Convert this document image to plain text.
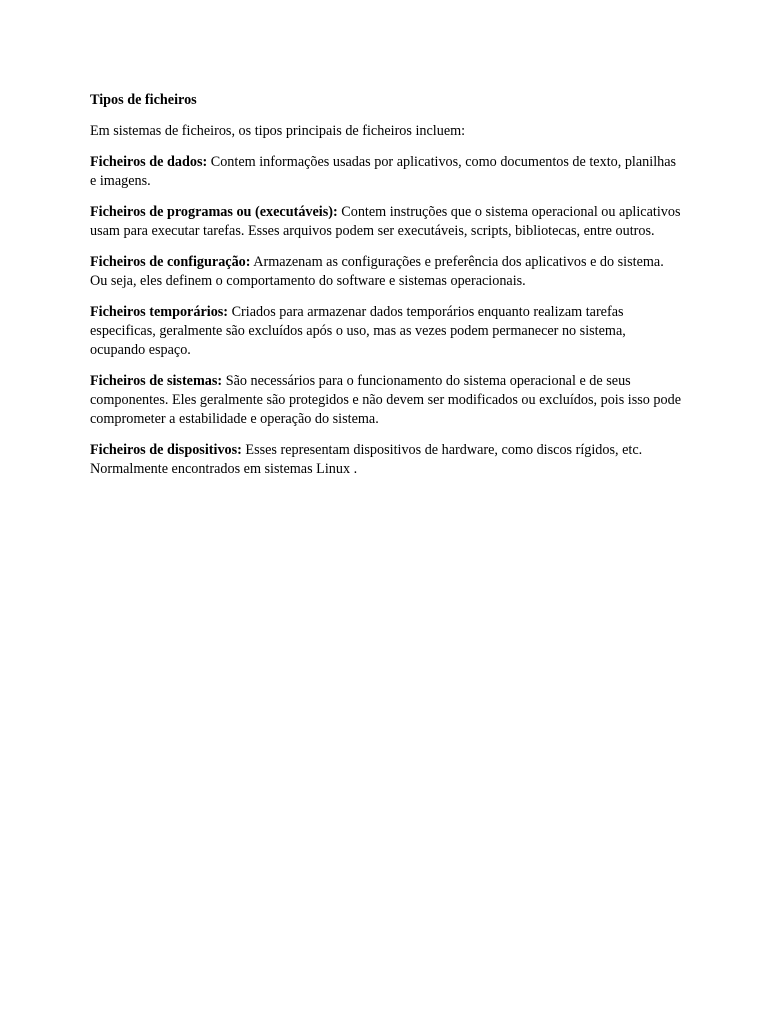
Tipos de ficheiros

Em sistemas de ficheiros, os tipos principais de ficheiros incluem:

Ficheiros de dados: Contem informações usadas por aplicativos, como documentos de texto, planilhas e imagens.

Ficheiros de programas ou (executáveis): Contem instruções que o sistema operacional ou aplicativos usam para executar tarefas. Esses arquivos podem ser executáveis, scripts, bibliotecas, entre outros.

Ficheiros de configuração: Armazenam as configurações e preferência dos aplicativos e do sistema. Ou seja, eles definem o comportamento do software e sistemas operacionais.

Ficheiros temporários: Criados para armazenar dados temporários enquanto realizam tarefas especificas, geralmente são excluídos após o uso, mas as vezes podem permanecer no sistema, ocupando espaço.

Ficheiros de sistemas: São necessários para o funcionamento do sistema operacional e de seus componentes. Eles geralmente são protegidos e não devem ser modificados ou excluídos, pois isso pode comprometer a estabilidade e operação do sistema.

Ficheiros de dispositivos: Esses representam dispositivos de hardware, como discos rígidos, etc. Normalmente encontrados em sistemas Linux .
